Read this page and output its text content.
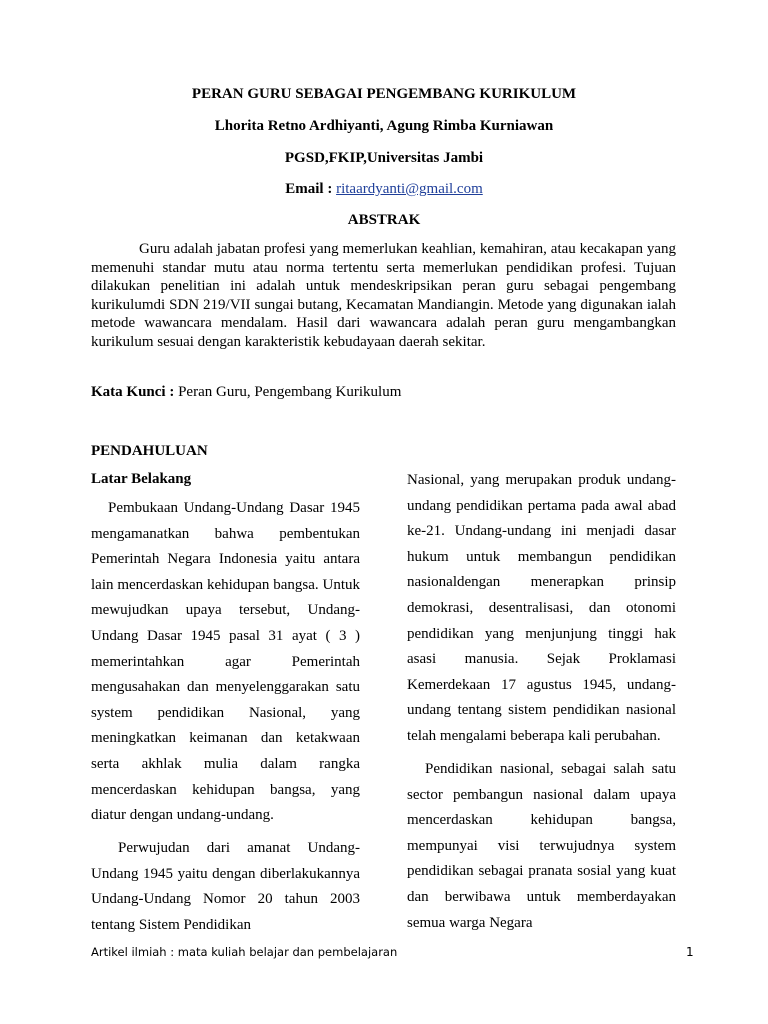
PERAN GURU SEBAGAI PENGEMBANG KURIKULUM
Lhorita Retno Ardhiyanti, Agung Rimba Kurniawan
PGSD,FKIP,Universitas Jambi
Email : ritaardyanti@gmail.com
ABSTRAK

Guru adalah jabatan profesi yang memerlukan keahlian, kemahiran, atau kecakapan yang memenuhi standar mutu atau norma tertentu serta memerlukan pendidikan profesi. Tujuan dilakukan penelitian ini adalah untuk mendeskripsikan peran guru sebagai pengembang kurikulumdi SDN 219/VII sungai butang, Kecamatan Mandiangin. Metode yang digunakan ialah metode wawancara mendalam. Hasil dari wawancara adalah peran guru mengambangkan kurikulum sesuai dengan karakteristik kebudayaan daerah sekitar.

Kata Kunci : Peran Guru, Pengembang Kurikulum
PENDAHULUAN
Latar Belakang

Pembukaan Undang-Undang Dasar 1945 mengamanatkan bahwa pembentukan Pemerintah Negara Indonesia yaitu antara lain mencerdaskan kehidupan bangsa. Untuk mewujudkan upaya tersebut, Undang-Undang Dasar 1945 pasal 31 ayat ( 3 ) memerintahkan agar Pemerintah mengusahakan dan menyelenggarakan satu system pendidikan Nasional, yang meningkatkan keimanan dan ketakwaan serta akhlak mulia dalam rangka mencerdaskan kehidupan bangsa, yang diatur dengan undang-undang.

Perwujudan dari amanat Undang-Undang 1945 yaitu dengan diberlakukannya Undang-Undang Nomor 20 tahun 2003 tentang Sistem Pendidikan

Nasional, yang merupakan produk undang-undang pendidikan pertama pada awal abad ke-21. Undang-undang ini menjadi dasar hukum untuk membangun pendidikan nasionaldengan menerapkan prinsip demokrasi, desentralisasi, dan otonomi pendidikan yang menjunjung tinggi hak asasi manusia. Sejak Proklamasi Kemerdekaan 17 agustus 1945, undang-undang tentang sistem pendidikan nasional telah mengalami beberapa kali perubahan.

Pendidikan nasional, sebagai salah satu sector pembangun nasional dalam upaya mencerdaskan kehidupan bangsa, mempunyai visi terwujudnya system pendidikan sebagai pranata sosial yang kuat dan berwibawa untuk memberdayakan semua warga Negara

Artikel ilmiah : mata kuliah belajar dan pembelajaran	1
